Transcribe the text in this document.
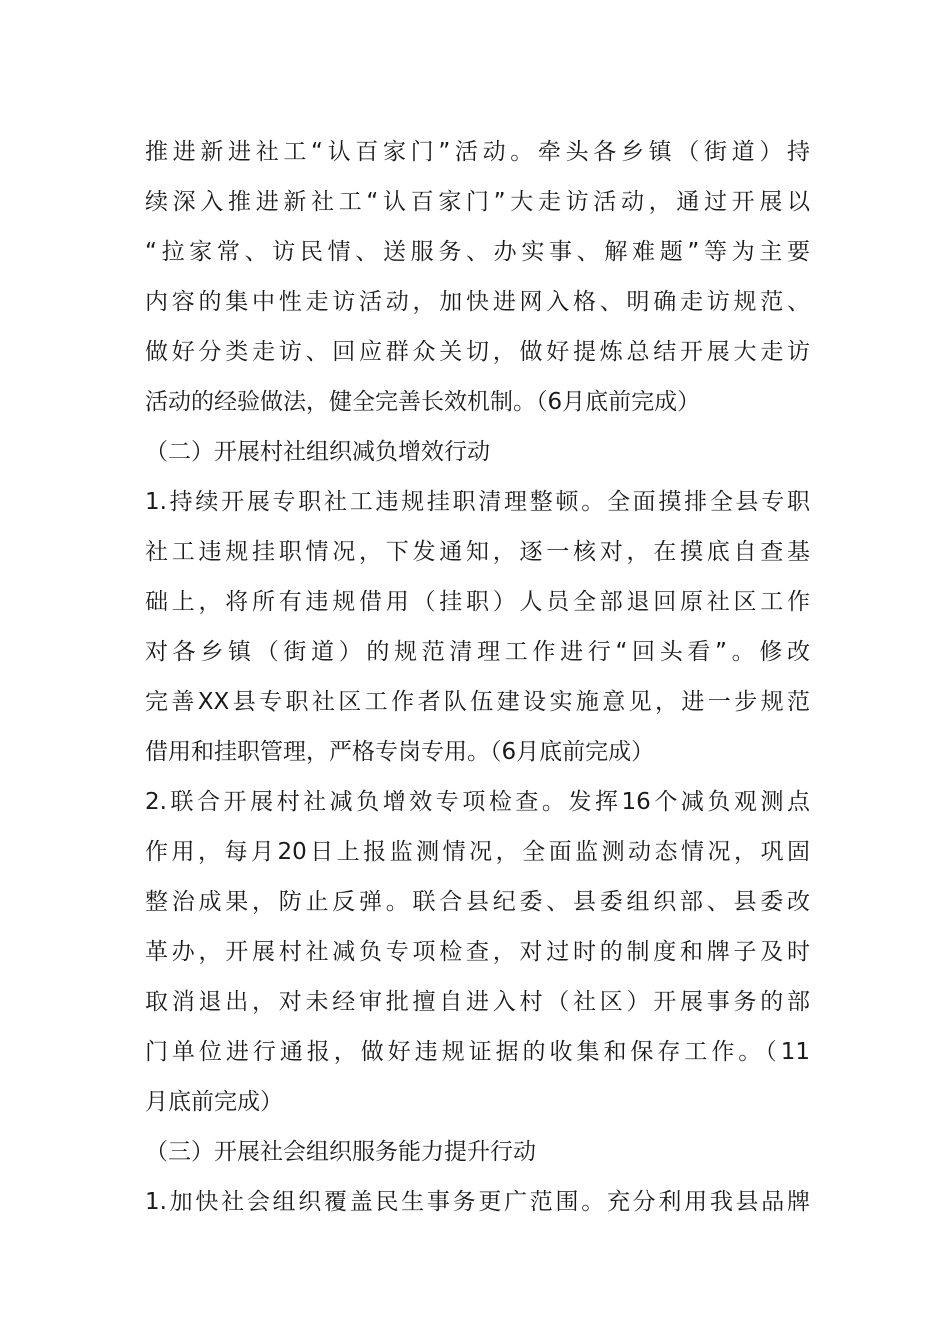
推进新进社工“认百家门”活动。牵头各乡镇（街道）持
续深入推进新社工“认百家门”大走访活动，通过开展以
“拉家常、访民情、送服务、办实事、解难题”等为主要
内容的集中性走访活动，加快进网入格、明确走访规范、
做好分类走访、回应群众关切，做好提炼总结开展大走访
活动的经验做法，健全完善长效机制。（6月底前完成）
（二）开展村社组织减负增效行动
1.持续开展专职社工违规挂职清理整顿。全面摸排全县专职
社工违规挂职情况，下发通知，逐一核对，在摸底自查基
础上，将所有违规借用（挂职）人员全部退回原社区工作
对各乡镇（街道）的规范清理工作进行“回头看”。修改
完善XX县专职社区工作者队伍建设实施意见，进一步规范
借用和挂职管理，严格专岗专用。（6月底前完成）
2.联合开展村社减负增效专项检查。发挥16个减负观测点
作用，每月20日上报监测情况，全面监测动态情况，巩固
整治成果，防止反弹。联合县纪委、县委组织部、县委改
革办，开展村社减负专项检查，对过时的制度和牌子及时
取消退出，对未经审批擅自进入村（社区）开展事务的部
门单位进行通报，做好违规证据的收集和保存工作。（11
月底前完成）
（三）开展社会组织服务能力提升行动
1.加快社会组织覆盖民生事务更广范围。充分利用我县品牌
